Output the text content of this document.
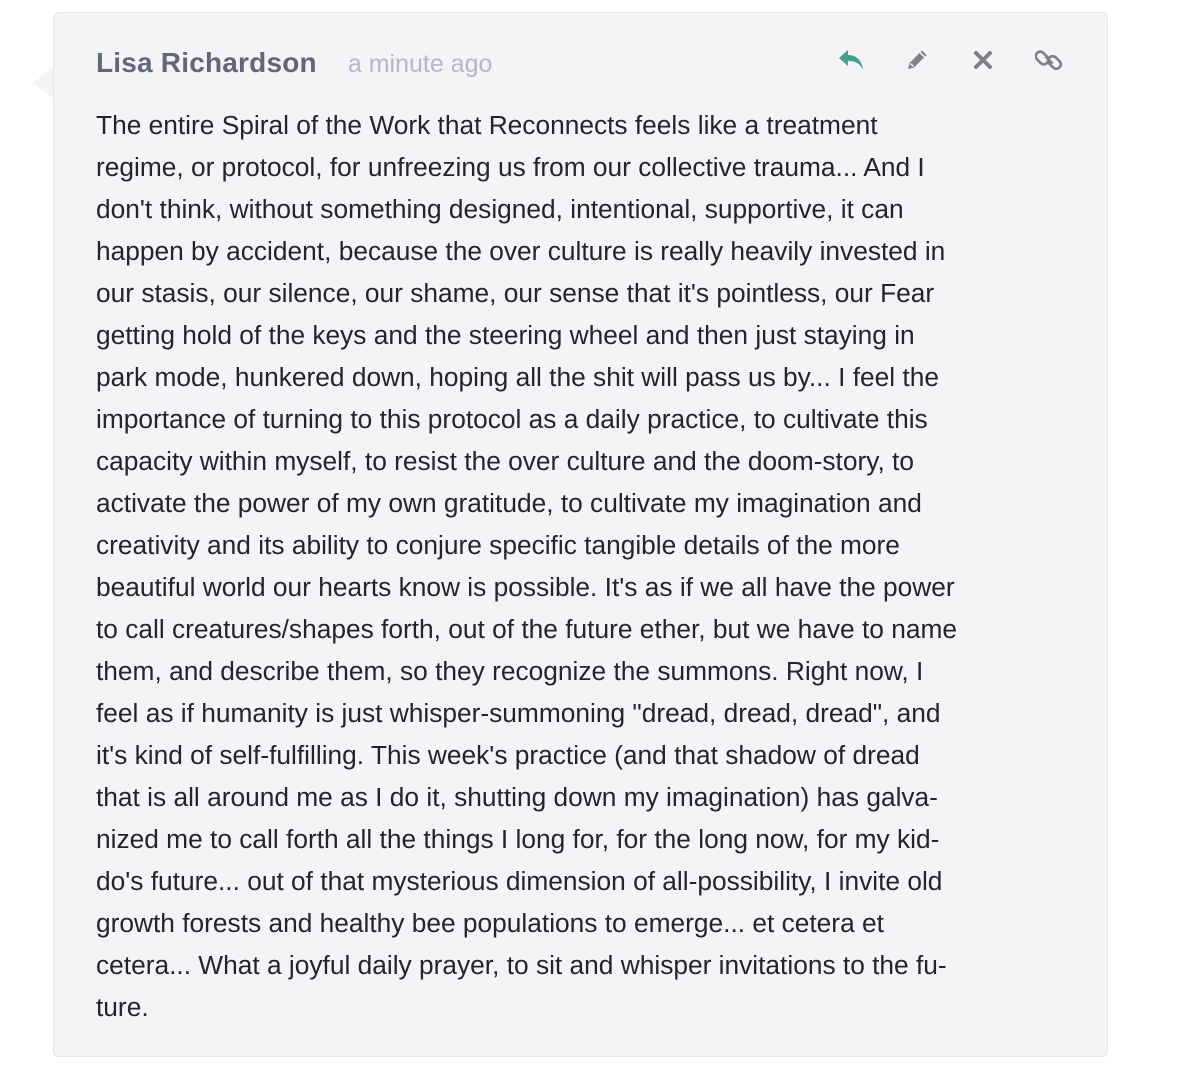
Lisa Richardson a minute ago

The entire Spiral of the Work that Reconnects feels like a treatment
regime, or protocol, for unfreezing us from our collective trauma... And I
don't think, without something designed, intentional, supportive, it can
happen by accident, because the over culture is really heavily invested in
our stasis, our silence, our shame, our sense that it's pointless, our Fear
getting hold of the keys and the steering wheel and then just staying in
park mode, hunkered down, hoping all the shit will pass us by... I feel the
importance of turning to this protocol as a daily practice, to cultivate this
capacity within myself, to resist the over culture and the doom-story, to
activate the power of my own gratitude, to cultivate my imagination and
creativity and its ability to conjure specific tangible details of the more
beautiful world our hearts know is possible. It's as if we all have the power
to call creatures/shapes forth, out of the future ether, but we have to name
them, and describe them, so they recognize the summons. Right now, I
feel as if humanity is just whisper-summoning "dread, dread, dread", and
it's kind of self-fulfilling. This week's practice (and that shadow of dread
that is all around me as I do it, shutting down my imagination) has galva-
nized me to call forth all the things I long for, for the long now, for my kid-
do's future... out of that mysterious dimension of all-possibility, I invite old
growth forests and healthy bee populations to emerge... et cetera et
cetera... What a joyful daily prayer, to sit and whisper invitations to the fu-
ture.
